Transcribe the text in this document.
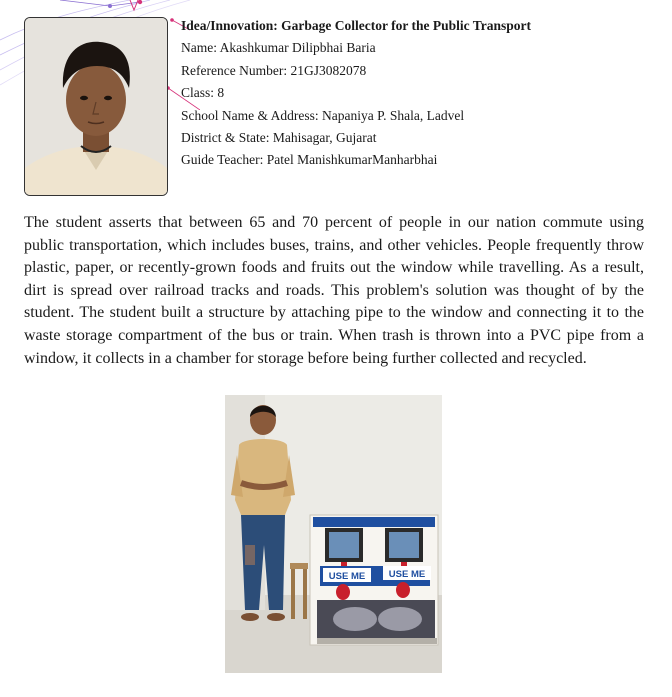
Idea/Innovation: Garbage Collector for the Public Transport
Name: Akashkumar Dilipbhai Baria
Reference Number: 21GJ3082078
Class: 8
School Name & Address: Napaniya P. Shala, Ladvel
District & State: Mahisagar, Gujarat
Guide Teacher: Patel ManishkumarManharbhai

The student asserts that between 65 and 70 percent of people in our nation commute using public transportation, which includes buses, trains, and other vehicles. People frequently throw plastic, paper, or recently-grown foods and fruits out the window while travelling. As a result, dirt is spread over railroad tracks and roads. This problem's solution was thought of by the student. The student built a structure by attaching pipe to the window and connecting it to the waste storage compartment of the bus or train. When trash is thrown into a PVC pipe from a window, it collects in a chamber for storage before being further collected and recycled.

USE ME USE ME
